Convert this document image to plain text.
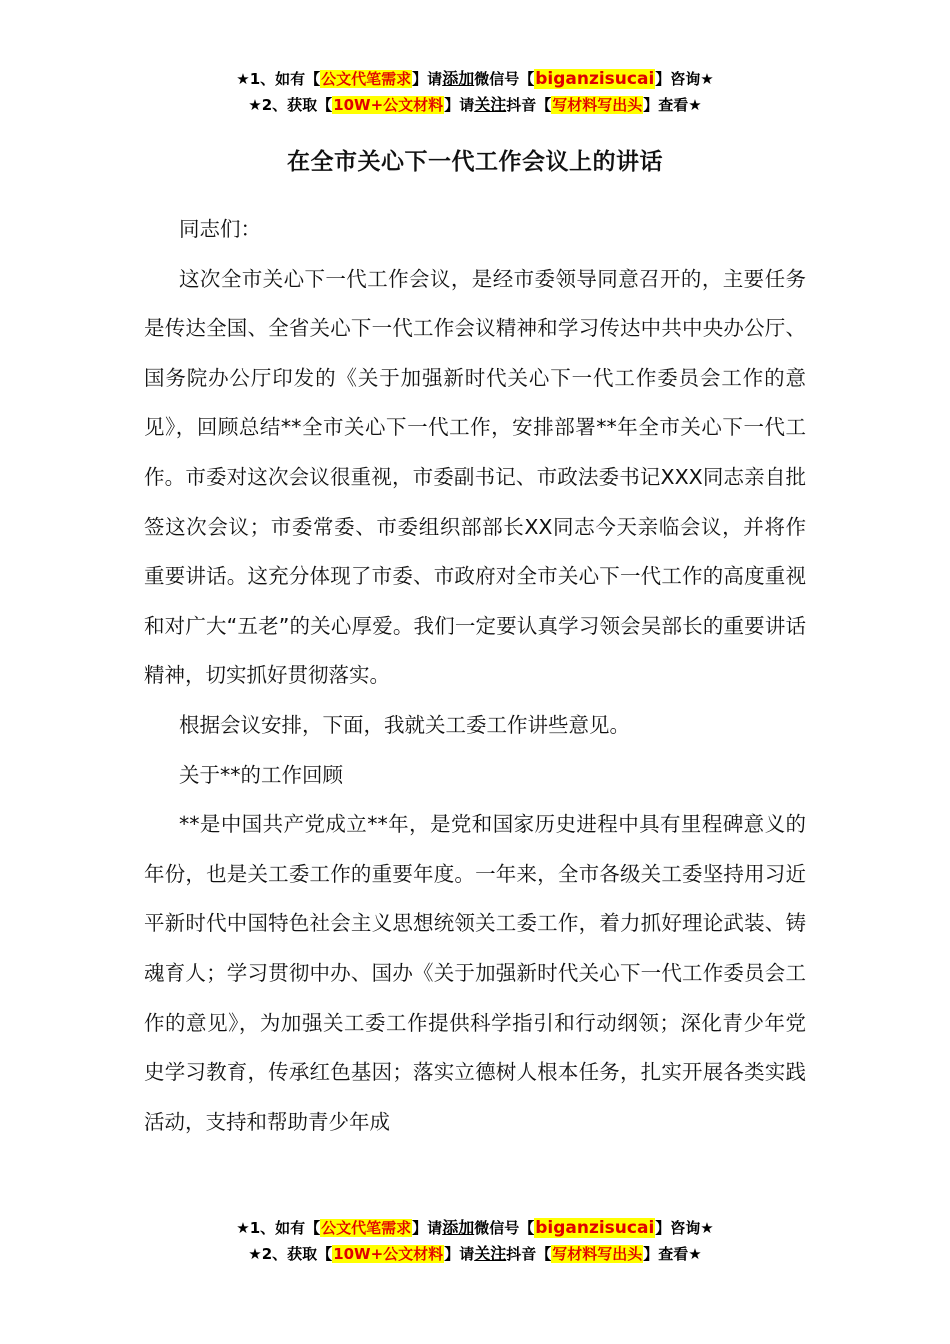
★1、如有【公文代笔需求】请添加微信号【biganzisucai】咨询★
★2、获取【10W+公文材料】请关注抖音【写材料写出头】查看★
在全市关心下一代工作会议上的讲话

同志们：

这次全市关心下一代工作会议，是经市委领导同意召开的，主要任务是传达全国、全省关心下一代工作会议精神和学习传达中共中央办公厅、国务院办公厅印发的《关于加强新时代关心下一代工作委员会工作的意见》，回顾总结**全市关心下一代工作，安排部署**年全市关心下一代工作。市委对这次会议很重视，市委副书记、市政法委书记XXX同志亲自批签这次会议；市委常委、市委组织部部长XX同志今天亲临会议，并将作重要讲话。这充分体现了市委、市政府对全市关心下一代工作的高度重视和对广大“五老”的关心厚爱。我们一定要认真学习领会吴部长的重要讲话精神，切实抓好贯彻落实。

根据会议安排，下面，我就关工委工作讲些意见。

关于**的工作回顾

**是中国共产党成立**年，是党和国家历史进程中具有里程碑意义的年份，也是关工委工作的重要年度。一年来，全市各级关工委坚持用习近平新时代中国特色社会主义思想统领关工委工作，着力抓好理论武装、铸魂育人；学习贯彻中办、国办《关于加强新时代关心下一代工作委员会工作的意见》，为加强关工委工作提供科学指引和行动纲领；深化青少年党史学习教育，传承红色基因；落实立德树人根本任务，扎实开展各类实践活动，支持和帮助青少年成

★1、如有【公文代笔需求】请添加微信号【biganzisucai】咨询★
★2、获取【10W+公文材料】请关注抖音【写材料写出头】查看★
